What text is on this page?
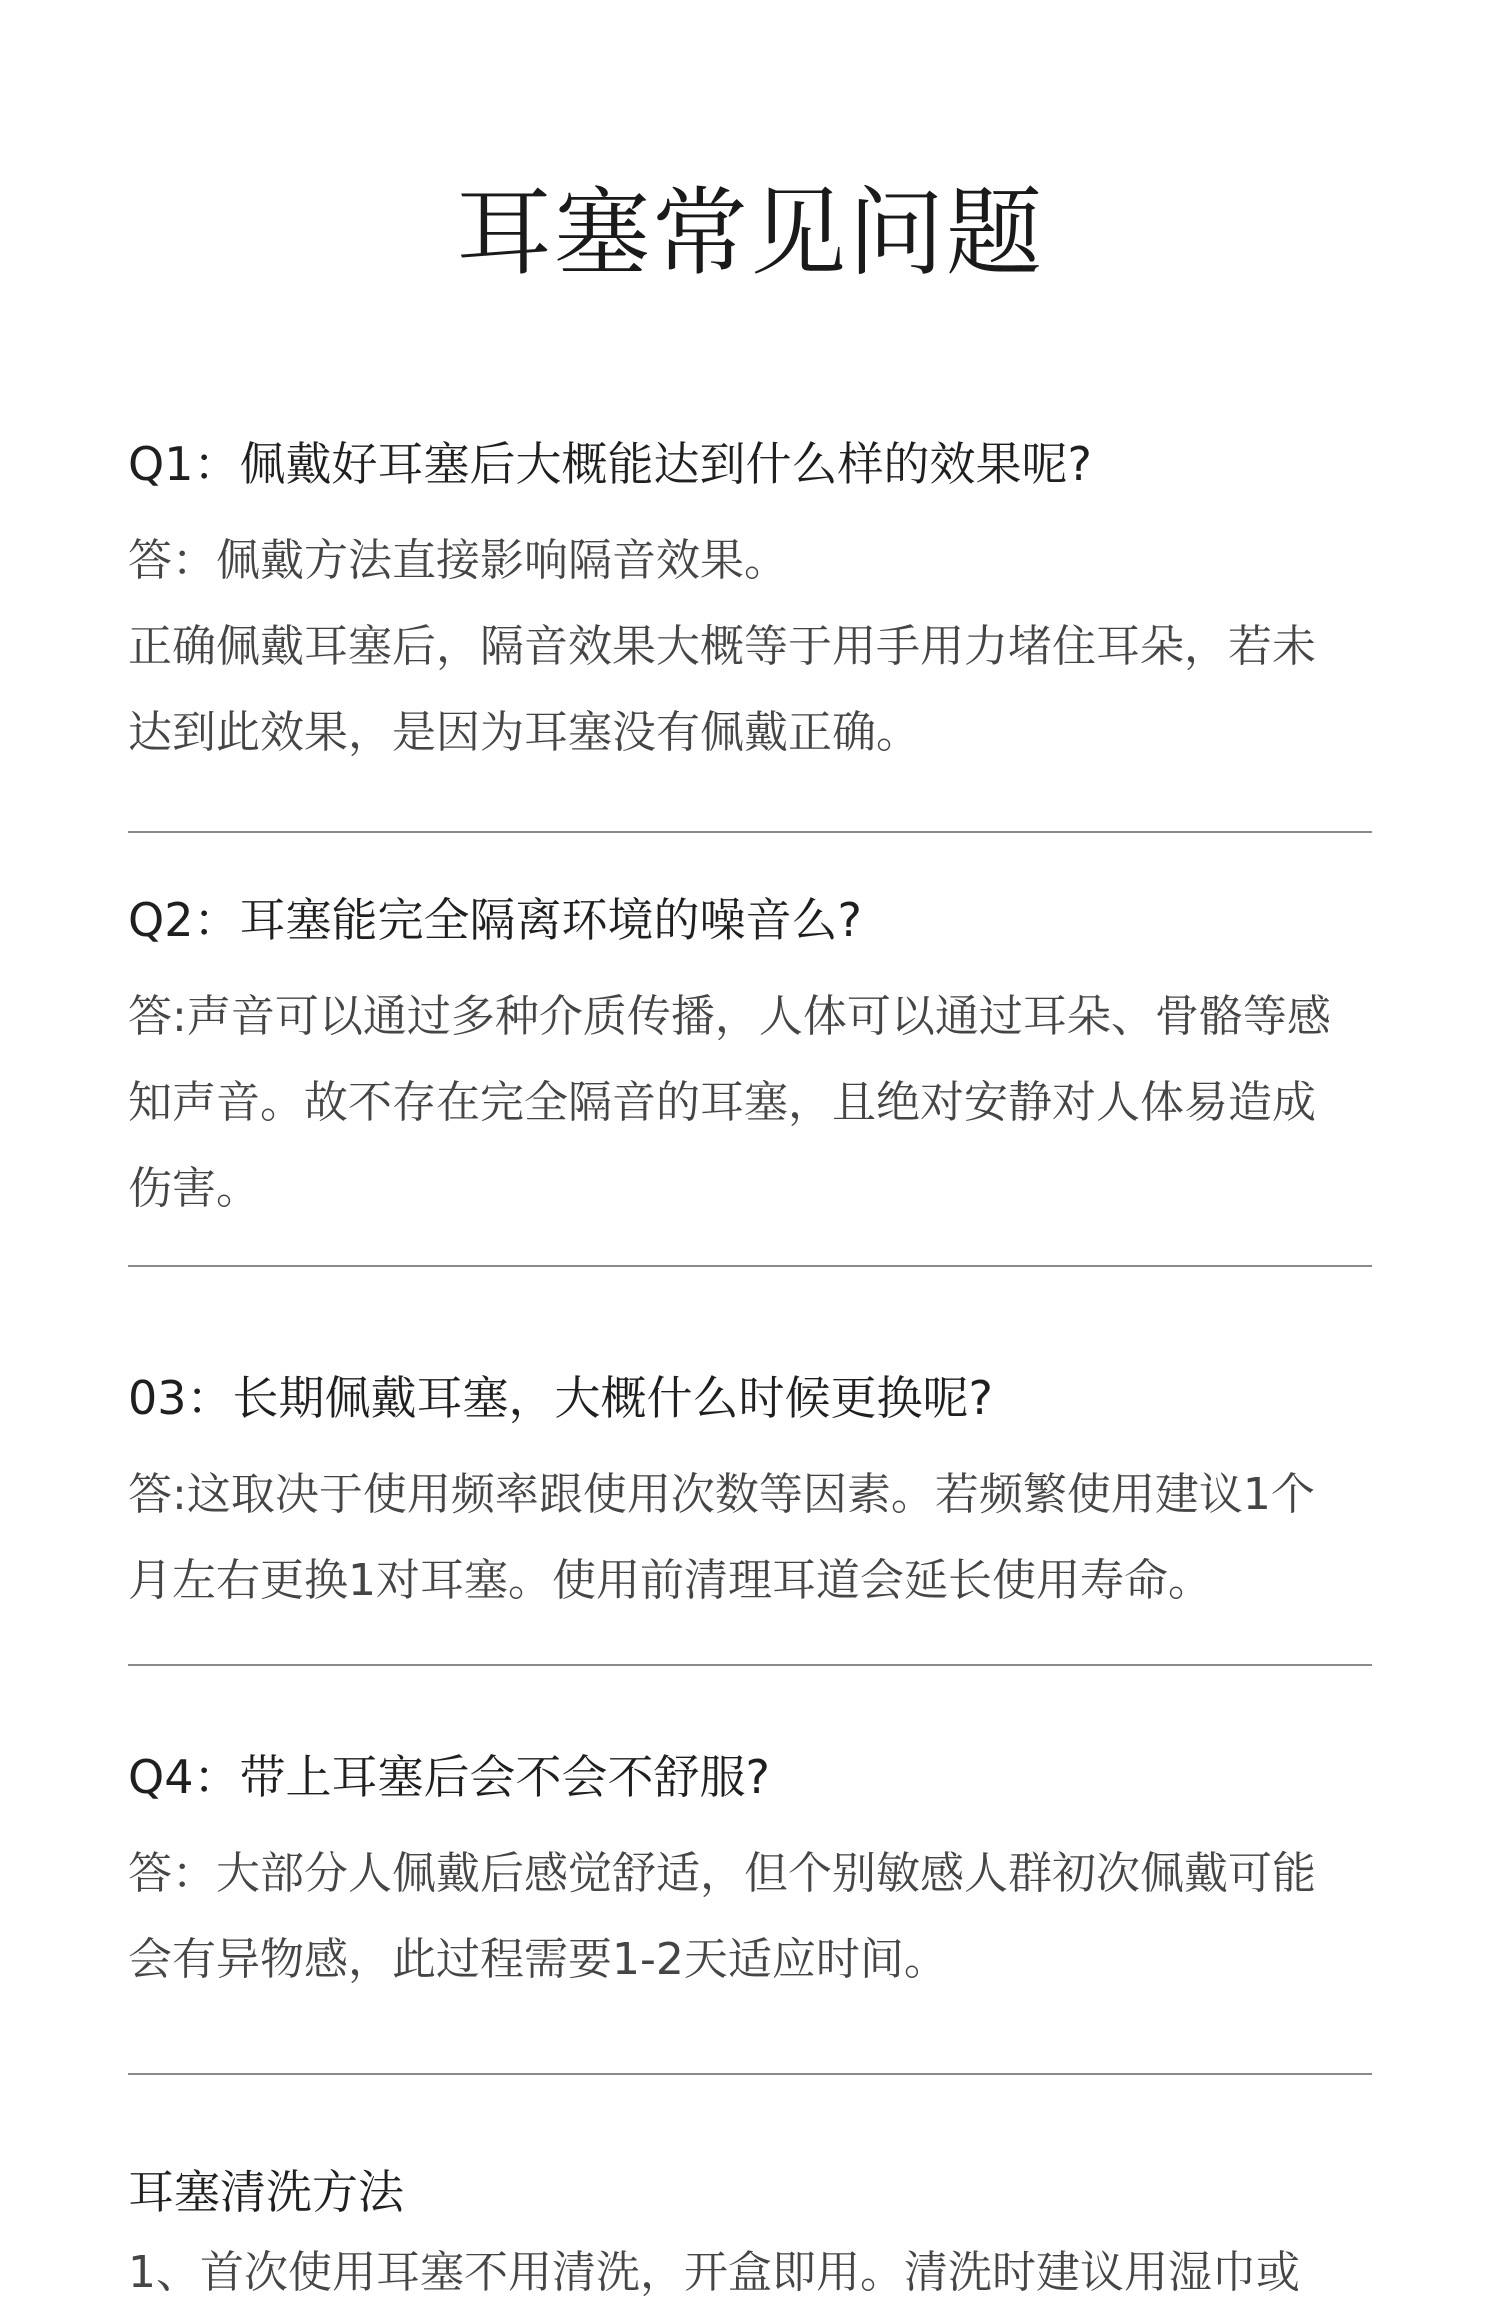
耳塞常见问题
Q1：佩戴好耳塞后大概能达到什么样的效果呢?
答：佩戴方法直接影响隔音效果。
正确佩戴耳塞后，隔音效果大概等于用手用力堵住耳朵，若未
达到此效果，是因为耳塞没有佩戴正确。
Q2：耳塞能完全隔离环境的噪音么?
答:声音可以通过多种介质传播，人体可以通过耳朵、骨骼等感
知声音。故不存在完全隔音的耳塞，且绝对安静对人体易造成
伤害。
03：长期佩戴耳塞，大概什么时候更换呢?
答:这取决于使用频率跟使用次数等因素。若频繁使用建议1个
月左右更换1对耳塞。使用前清理耳道会延长使用寿命。
Q4：带上耳塞后会不会不舒服?
答：大部分人佩戴后感觉舒适，但个别敏感人群初次佩戴可能
会有异物感，此过程需要1-2天适应时间。
耳塞清洗方法
1、首次使用耳塞不用清洗，开盒即用。清洗时建议用湿巾或
